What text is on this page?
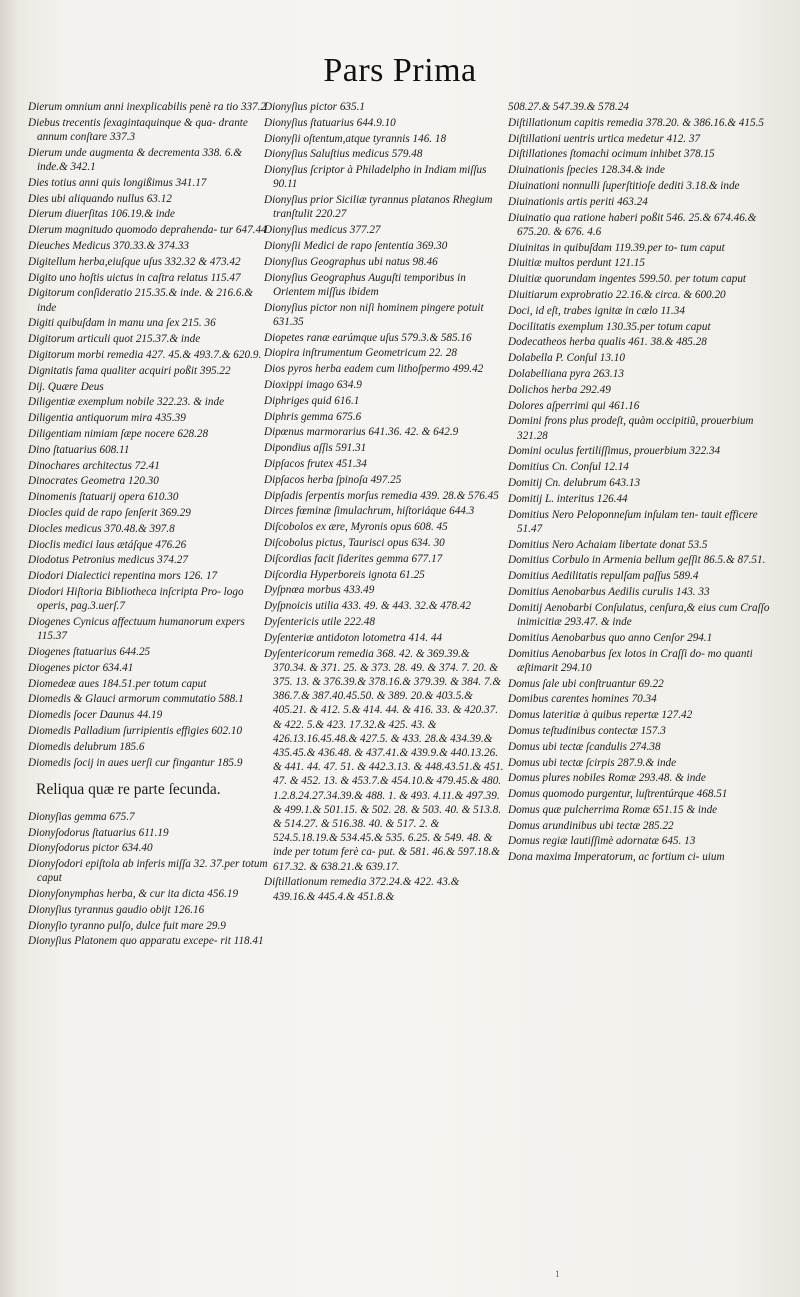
Pars Prima
Dierum omnium anni inexplicabilis penè ra tio 337.2
Diebus trecentis ſexagintaquinque & qua- drante annum conſtare 337.3
Dierum unde augmenta & decrementa 338. 6.& inde.& 342.1
Dies totius anni quis longißimus 341.17
Dies ubi aliquando nullus 63.12
Dierum diuerſitas 106.19.& inde
Dierum magnitudo quomodo deprahenda- tur 647.44
Dieuches Medicus 370.33.& 374.33
Digitellum herba,eiuſque uſus 332.32 & 473.42
Digito uno hoſtis uictus in caſtra relatus 115.47
Digitorum conſideratio 215.35.& inde. & 216.6.& inde
Digiti quibuſdam in manu una ſex 215. 36
Digitorum articuli quot 215.37.& inde
Digitorum morbi remedia 427. 45.& 493.7.& 620.9.
Dignitatis fama qualiter acquiri poßit 395.22
Dij. Quære Deus
Diligentiæ exemplum nobile 322.23. & inde
Diligentia antiquorum mira 435.39
Diligentiam nimiam ſæpe nocere 628.28
Dino ſtatuarius 608.11
Dinochares architectus 72.41
Dinocrates Geometra 120.30
Dinomenis ſtatuarij opera 610.30
Diocles quid de rapo ſenſerit 369.29
Diocles medicus 370.48.& 397.8
Dioclis medici laus ætáſque 476.26
Diodotus Petronius medicus 374.27
Diodori Dialectici repentina mors 126. 17
Diodori Hiſtoria Bibliotheca inſcripta Pro- logo operis, pag.3.uerſ.7
Diogenes Cynicus affectuum humanorum expers 115.37
Diogenes ſtatuarius 644.25
Diogenes pictor 634.41
Diomedeæ aues 184.51.per totum caput
Diomedis & Glauci armorum commutatio 588.1
Diomedis ſocer Daunus 44.19
Diomedis Palladium ſurripientis effigies 602.10
Diomedis delubrum 185.6
Diomedis ſocij in aues uerſi cur fingantur 185.9
Reliqua quæ re parte ſecunda.
Dionyſias gemma 675.7
Dionyſodorus ſtatuarius 611.19
Dionyſodorus pictor 634.40
Dionyſodori epiſtola ab inferis miſſa 32. 37.per totum caput
Dionyſonymphas herba, & cur ita dicta 456.19
Dionyſius tyrannus gaudio obijt 126.16
Dionyſio tyranno pulſo, dulce fuit mare 29.9
Dionyſius Platonem quo apparatu excepe- rit 118.41
Dionyſius pictor 635.1
Dionyſius ſtatuarius 644.9.10
Dionyſii oſtentum,atque tyrannis 146. 18
Dionyſius Saluſtius medicus 579.48
Dionyſius ſcriptor à Philadelpho in Indiam miſſus 90.11
Dionyſius prior Siciliæ tyrannus platanos Rhegium tranſtulit 220.27
Dionyſius medicus 377.27
Dionyſii Medici de rapo ſententia 369.30
Dionyſius Geographus ubi natus 98.46
Dionyſius Geographus Auguſti temporibus in Orientem miſſus ibidem
Dionyſius pictor non niſi hominem pingere potuit 631.35
Diopetes ranæ earúmque uſus 579.3.& 585.16
Diopira inſtrumentum Geometricum 22. 28
Dios pyros herba eadem cum lithoſpermo 499.42
Dioxippi imago 634.9
Diphriges quid 616.1
Diphris gemma 675.6
Dipœnus marmorarius 641.36. 42. & 642.9
Dipondius aſſis 591.31
Dipſacos frutex 451.34
Dipſacos herba ſpinoſa 497.25
Dipſadis ſerpentis morſus remedia 439. 28.& 576.45
Dirces fœminæ ſimulachrum, hiſtoriáque 644.3
Diſcobolos ex ære, Myronis opus 608. 45
Diſcobolus pictus, Taurisci opus 634. 30
Diſcordias facit ſiderites gemma 677.17
Diſcordia Hyperboreis ignota 61.25
Dyſpnœa morbus 433.49
Dyſpnoicis utilia 433. 49. & 443. 32.& 478.42
Dyſentericis utile 222.48
Dyſenteriæ antidoton lotometra 414. 44
Dyſentericorum remedia 368. 42. & 369.39.& 370.34. & 371. 25. & 373. 28. 49. & 374. 7. 20. & 375. 13. & 376.39.& 378.16.& 379.39. & 384. 7.& 386.7.& 387.40.45.50. & 389. 20.& 403.5.& 405.21. & 412. 5.& 414. 44. & 416. 33. & 420.37. & 422. 5.& 423. 17.32.& 425. 43. & 426.13.16.45.48.& 427.5. & 433. 28.& 434.39.& 435.45.& 436.48. & 437.41.& 439.9.& 440.13.26. & 441. 44. 47. 51. & 442.3.13. & 448.43.51.& 451. 47. & 452. 13. & 453.7.& 454.10.& 479.45.& 480. 1.2.8.24.27.34.39.& 488. 1. & 493. 4.11.& 497.39. & 499.1.& 501.15. & 502. 28. & 503. 40. & 513.8. & 514.27. & 516.38. 40. & 517. 2. & 524.5.18.19.& 534.45.& 535. 6.25. & 549. 48. & inde per totum ferè ca- put. & 581. 46.& 597.18.& 617.32. & 638.21.& 639.17.
Diſtillationum remedia 372.24.& 422. 43.& 439.16.& 445.4.& 451.8.&
508.27.& 547.39.& 578.24
Diſtillationum capitis remedia 378.20. & 386.16.& 415.5
Diſtillationi uentris urtica medetur 412. 37
Diſtillationes ſtomachi ocimum inhibet 378.15
Diuinationis ſpecies 128.34.& inde
Diuinationi nonnulli ſuperſtitioſe dediti 3.18.& inde
Diuinationis artis periti 463.24
Diuinatio qua ratione haberi poßit 546. 25.& 674.46.& 675.20. & 676. 4.6
Diuinitas in quibuſdam 119.39.per to- tum caput
Diuitiæ multos perdunt 121.15
Diuitiæ quorundam ingentes 599.50. per totum caput
Diuitiarum exprobratio 22.16.& circa. & 600.20
Doci, id eſt, trabes ignitæ in cælo 11.34
Docilitatis exemplum 130.35.per totum caput
Dodecatheos herba qualis 461. 38.& 485.28
Dolabella P. Conſul 13.10
Dolabelliana pyra 263.13
Dolichos herba 292.49
Dolores aſperrimi qui 461.16
Domini frons plus prodeſt, quàm occipitiũ, prouerbium 321.28
Domini oculus fertiliſſimus, prouerbium 322.34
Domitius Cn. Conſul 12.14
Domitij Cn. delubrum 643.13
Domitij L. interitus 126.44
Domitius Nero Peloponneſum inſulam ten- tauit efficere 51.47
Domitius Nero Achaiam libertate donat 53.5
Domitius Corbulo in Armenia bellum geſſit 86.5.& 87.51.
Domitius Aedilitatis repulſam paſſus 589.4
Domitius Aenobarbus Aedilis curulis 143. 33
Domitij Aenobarbi Conſulatus, cenſura,& eius cum Craſſo inimicitiæ 293.47. & inde
Domitius Aenobarbus quo anno Cenſor 294.1
Domitius Aenobarbus ſex lotos in Craſſi do- mo quanti æſtimarit 294.10
Domus ſale ubi conſtruantur 69.22
Domibus carentes homines 70.34
Domus lateritiæ à quibus repertæ 127.42
Domus teſtudinibus contectæ 157.3
Domus ubi tectæ ſcandulis 274.38
Domus ubi tectæ ſcirpis 287.9.& inde
Domus plures nobiles Romæ 293.48. & inde
Domus quomodo purgentur, luſtrentúrque 468.51
Domus quæ pulcherrima Romæ 651.15 & inde
Domus arundinibus ubi tectæ 285.22
Domus regiæ lautiſſimè adornatæ 645. 13
Dona maxima Imperatorum, ac fortium ci- uium
1
